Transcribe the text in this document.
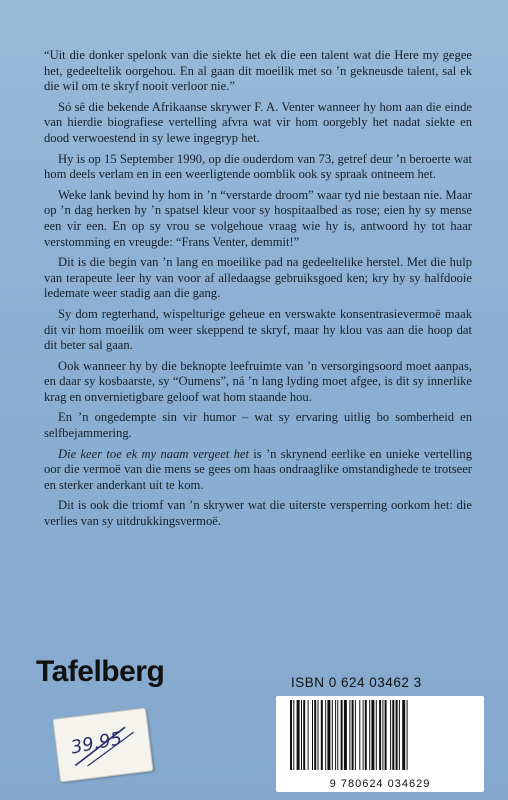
“Uit die donker spelonk van die siekte het ek die een talent wat die Here my gegee het, gedeeltelik oorgehou. En al gaan dit moeilik met so ’n gekneusde talent, sal ek die wil om te skryf nooit verloor nie.”

Só sê die bekende Afrikaanse skrywer F. A. Venter wanneer hy hom aan die einde van hierdie biografiese vertelling afvra wat vir hom oorgebly het nadat siekte en dood verwoestend in sy lewe ingegryp het.

Hy is op 15 September 1990, op die ouderdom van 73, getref deur ’n beroerte wat hom deels verlam en in een weerligtende oomblik ook sy spraak ontneem het.

Weke lank bevind hy hom in ’n “verstarde droom” waar tyd nie bestaan nie. Maar op ’n dag herken hy ’n spatsel kleur voor sy hospitaalbed as rose; eien hy sy mense een vir een. En op sy vrou se volgehoue vraag wie hy is, antwoord hy tot haar verstomming en vreugde: “Frans Venter, demmit!”

Dit is die begin van ’n lang en moeilike pad na gedeeltelike herstel. Met die hulp van terapeute leer hy van voor af alledaagse gebruiksgoed ken; kry hy sy halfdooie ledemate weer stadig aan die gang.

Sy dom regterhand, wispelturige geheue en verswakte konsentrasievermoë maak dit vir hom moeilik om weer skeppend te skryf, maar hy klou vas aan die hoop dat dit beter sal gaan.

Ook wanneer hy by die beknopte leefruimte van ’n versorgingsoord moet aanpas, en daar sy kosbaarste, sy “Oumens”, ná ’n lang lyding moet afgee, is dit sy innerlike krag en onvernietigbare geloof wat hom staande hou.

En ’n ongedempte sin vir humor – wat sy ervaring uitlig bo somberheid en selfbejammering.

Die keer toe ek my naam vergeet het is ’n skrynend eerlike en unieke vertelling oor die vermoë van die mens se gees om haas ondraaglike omstandighede te trotseer en sterker anderkant uit te kom.

Dit is ook die triomf van ’n skrywer wat die uiterste versperring oorkom het: die verlies van sy uitdrukkingsvermoë.

Tafelberg	ISBN 0 624 03462 3
9 780624 034629
39.95
